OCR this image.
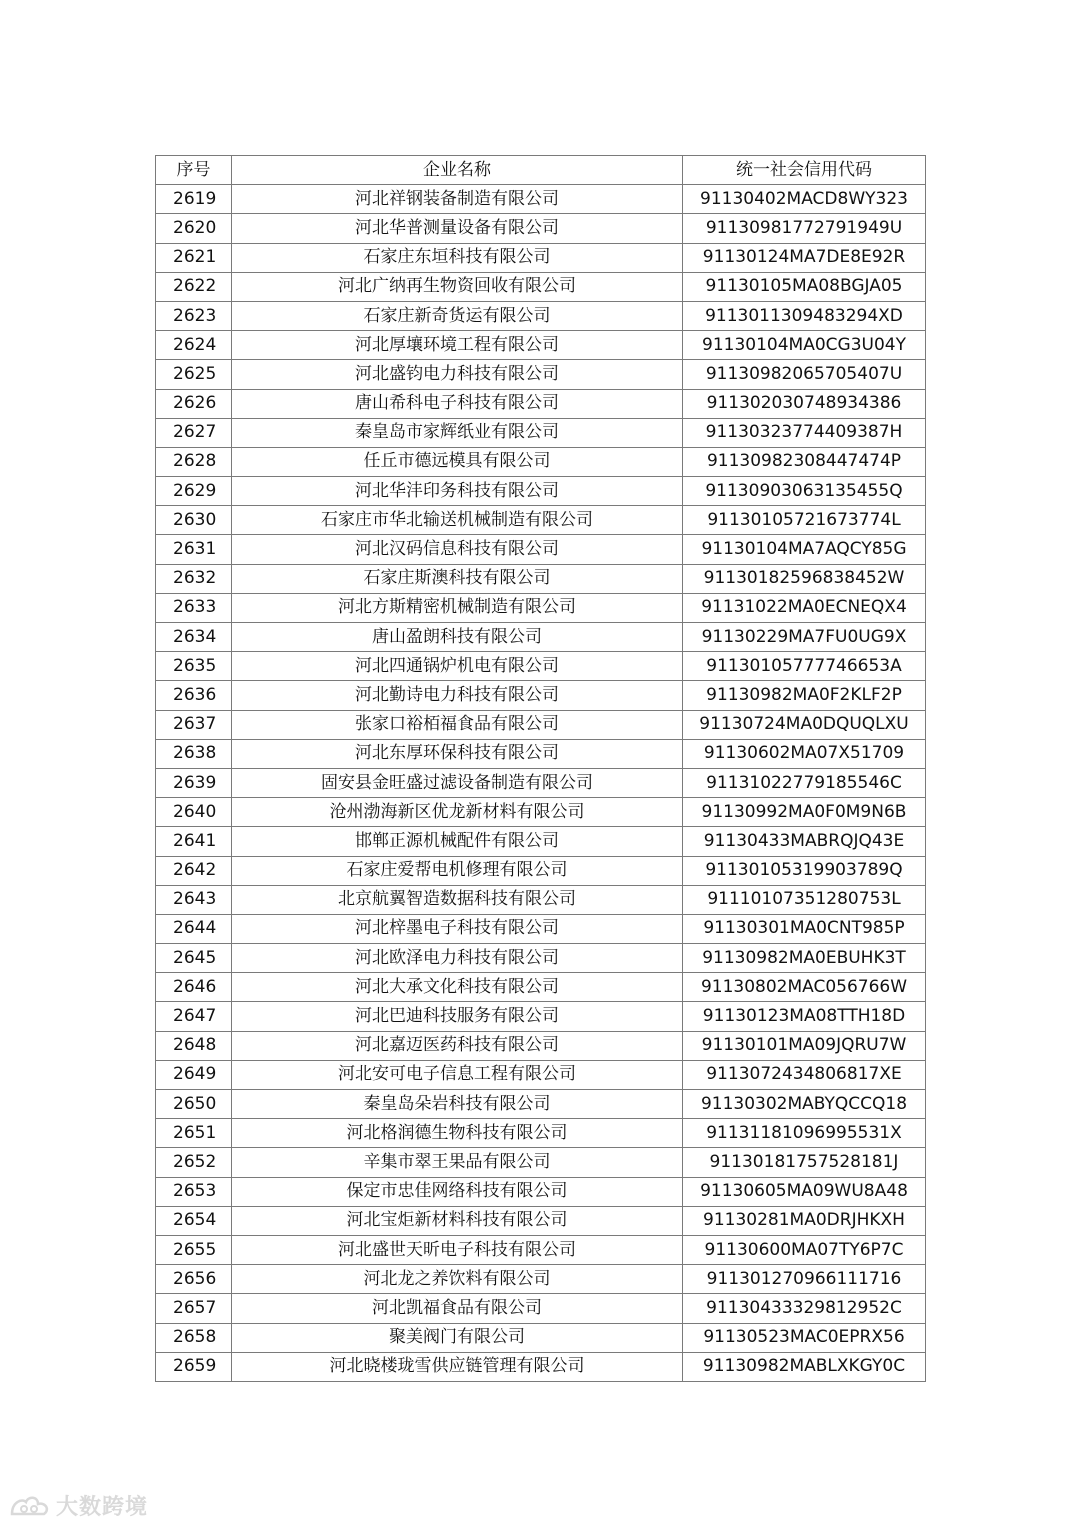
序号	企业名称	统一社会信用代码
2619	河北祥钢装备制造有限公司	91130402MACD8WY323
2620	河北华普测量设备有限公司	91130981772791949U
2621	石家庄东垣科技有限公司	91130124MA7DE8E92R
2622	河北广纳再生物资回收有限公司	91130105MA08BGJA05
2623	石家庄新奇货运有限公司	911301130948329​4XD
2624	河北厚壤环境工程有限公司	91130104MA0CG3U04Y
2625	河北盛钧电力科技有限公司	91130982065705407U
2626	唐山希科电子科技有限公司	911302030748934386
2627	秦皇岛市家辉纸业有限公司	91130323774409387H
2628	任丘市德远模具有限公司	91130982308447474P
2629	河北华沣印务科技有限公司	91130903063135455Q
2630	石家庄市华北输送机械制造有限公司	91130105721673774L
2631	河北汉码信息科技有限公司	91130104MA7AQCY85G
2632	石家庄斯澳科技有限公司	91130182596838452W
2633	河北方斯精密机械制造有限公司	91131022MA0ECNEQX4
2634	唐山盈朗科技有限公司	91130229MA7FU0UG9X
2635	河北四通锅炉机电有限公司	91130105777746653A
2636	河北勤诗电力科技有限公司	91130982MA0F2KLF2P
2637	张家口裕栢福食品有限公司	91130724MA0DQUQLXU
2638	河北东厚环保科技有限公司	91130602MA07X51709
2639	固安县金旺盛过滤设备制造有限公司	91131022779185546C
2640	沧州渤海新区优龙新材料有限公司	91130992MA0F0M9N6B
2641	邯郸正源机械配件有限公司	91130433MABRQJQ43E
2642	石家庄爱帮电机修理有限公司	91130105319903789Q
2643	北京航翼智造数据科技有限公司	91110107351280753L
2644	河北梓墨电子科技有限公司	91130301MA0CNT985P
2645	河北欧泽电力科技有限公司	91130982MA0EBUHK3T
2646	河北大承文化科技有限公司	91130802MAC056766W
2647	河北巴迪科技服务有限公司	91130123MA08TTH18D
2648	河北嘉迈医药科技有限公司	91130101MA09JQRU7W
2649	河北安可电子信息工程有限公司	91130724348068​17XE
2650	秦皇岛朵岩科技有限公司	91130302MABYQCCQ18
2651	河北格润德生物科技有限公司	91131181096995531X
2652	辛集市翠王果品有限公司	91130181757528181J
2653	保定市忠佳网络科技有限公司	91130605MA09WU8A48
2654	河北宝炬新材料科技有限公司	91130281MA0DRJHKXH
2655	河北盛世天昕电子科技有限公司	91130600MA07TY6P7C
2656	河北龙之养饮料有限公司	911301270966111716
2657	河北凯福食品有限公司	91130433329812952C
2658	聚美阀门有限公司	91130523MAC0EPRX56
2659	河北晓楼珑雪供应链管理有限公司	91130982MABLXKGY0C
大数跨境
